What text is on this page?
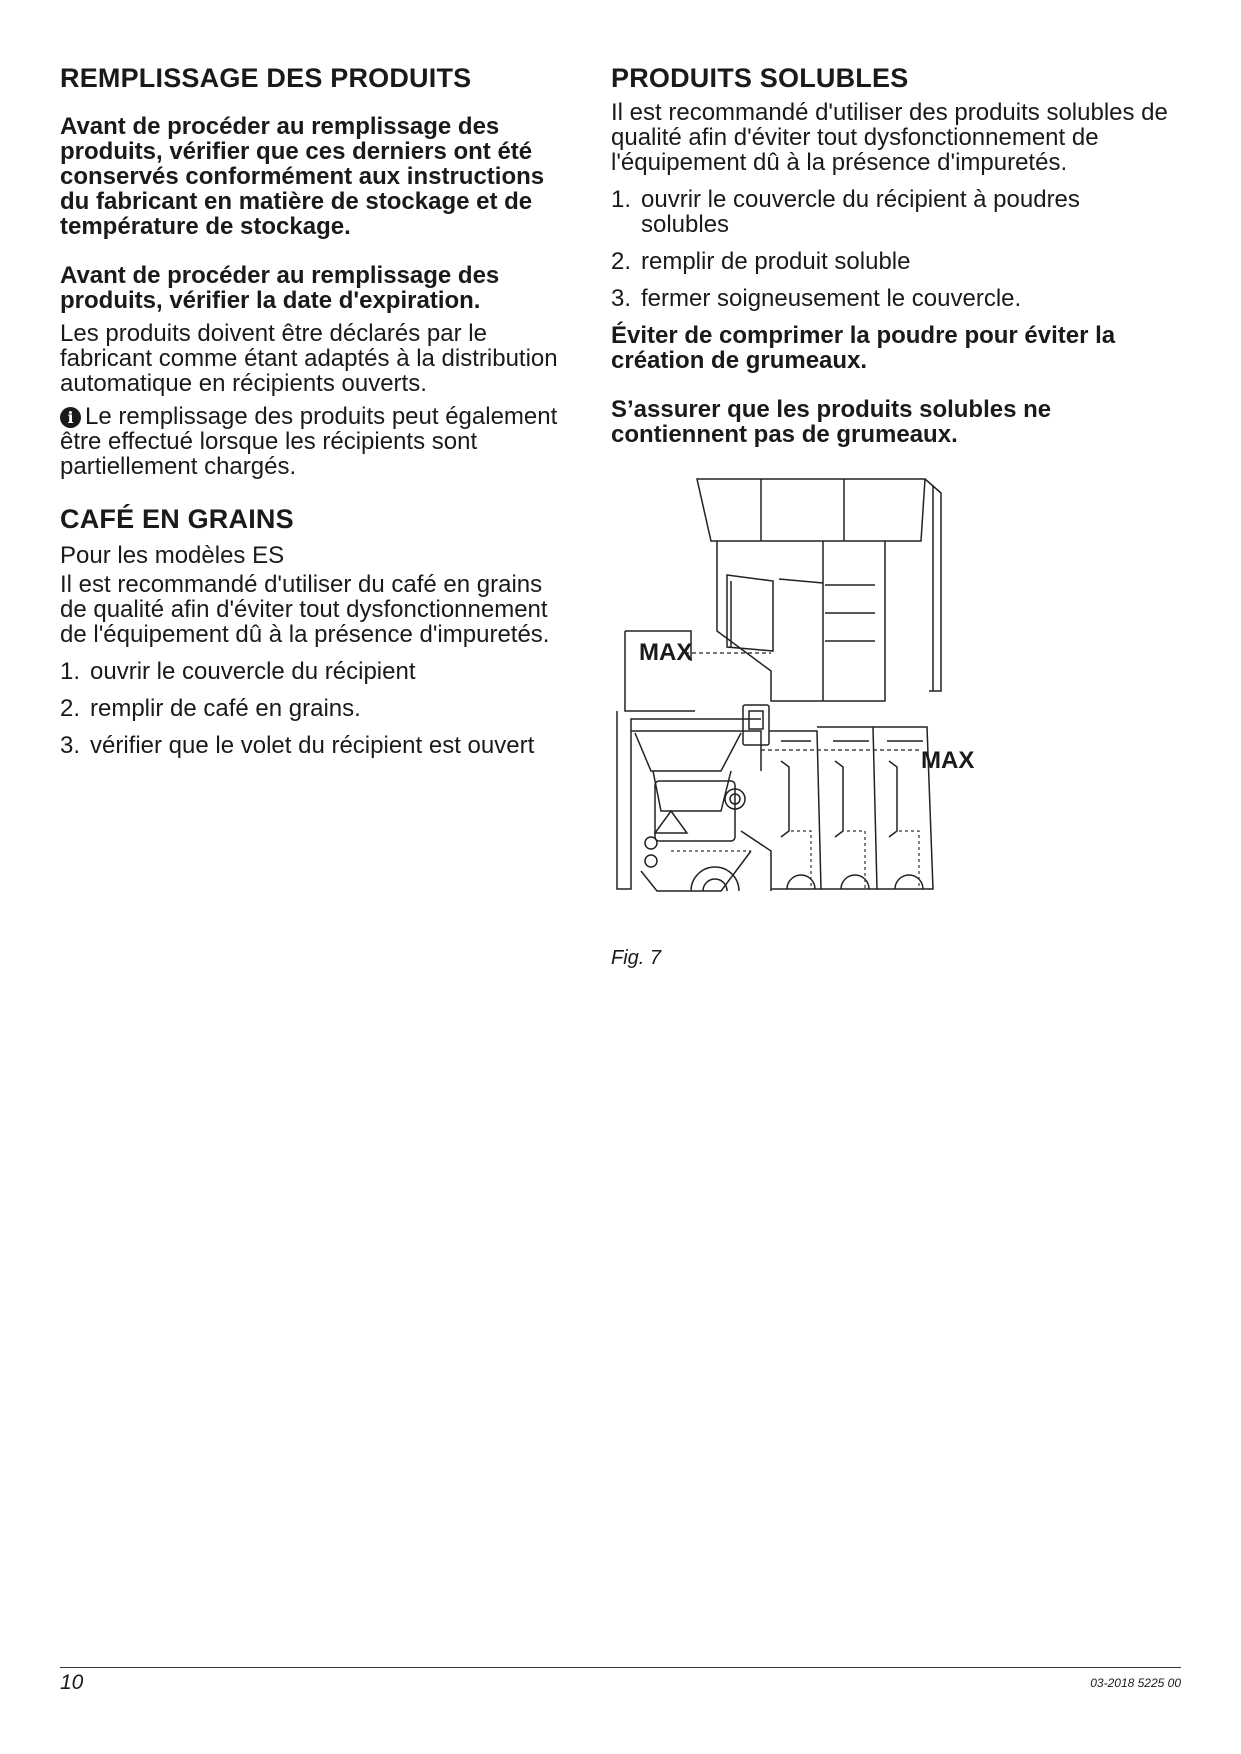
REMPLISSAGE DES PRODUITS

Avant de procéder au remplissage des produits, vérifier que ces derniers ont été conservés conformément aux instructions du fabricant en matière de stockage et de température de stockage.

Avant de procéder au remplissage des produits, vérifier la date d'expiration.

Les produits doivent être déclarés par le fabricant comme étant adaptés à la distribution automatique en récipients ouverts.

i Le remplissage des produits peut également être effectué lorsque les récipients sont partiellement chargés.

CAFÉ EN GRAINS

Pour les modèles ES

Il est recommandé d'utiliser du café en grains de qualité afin d'éviter tout dysfonctionnement de l'équipement dû à la présence d'impuretés.

1. ouvrir le couvercle du récipient
2. remplir de café en grains.
3. vérifier que le volet du récipient est ouvert
PRODUITS SOLUBLES

Il est recommandé d'utiliser des produits solubles de qualité afin d'éviter tout dysfonctionnement de l'équipement dû à la présence d'impuretés.

1. ouvrir le couvercle du récipient à poudres solubles
2. remplir de produit soluble
3. fermer soigneusement le couvercle.

Éviter de comprimer la poudre pour éviter la création de grumeaux.

S’assurer que les produits solubles ne contiennent pas de grumeaux.

MAX
MAX
Fig. 7
10	03-2018 5225 00
